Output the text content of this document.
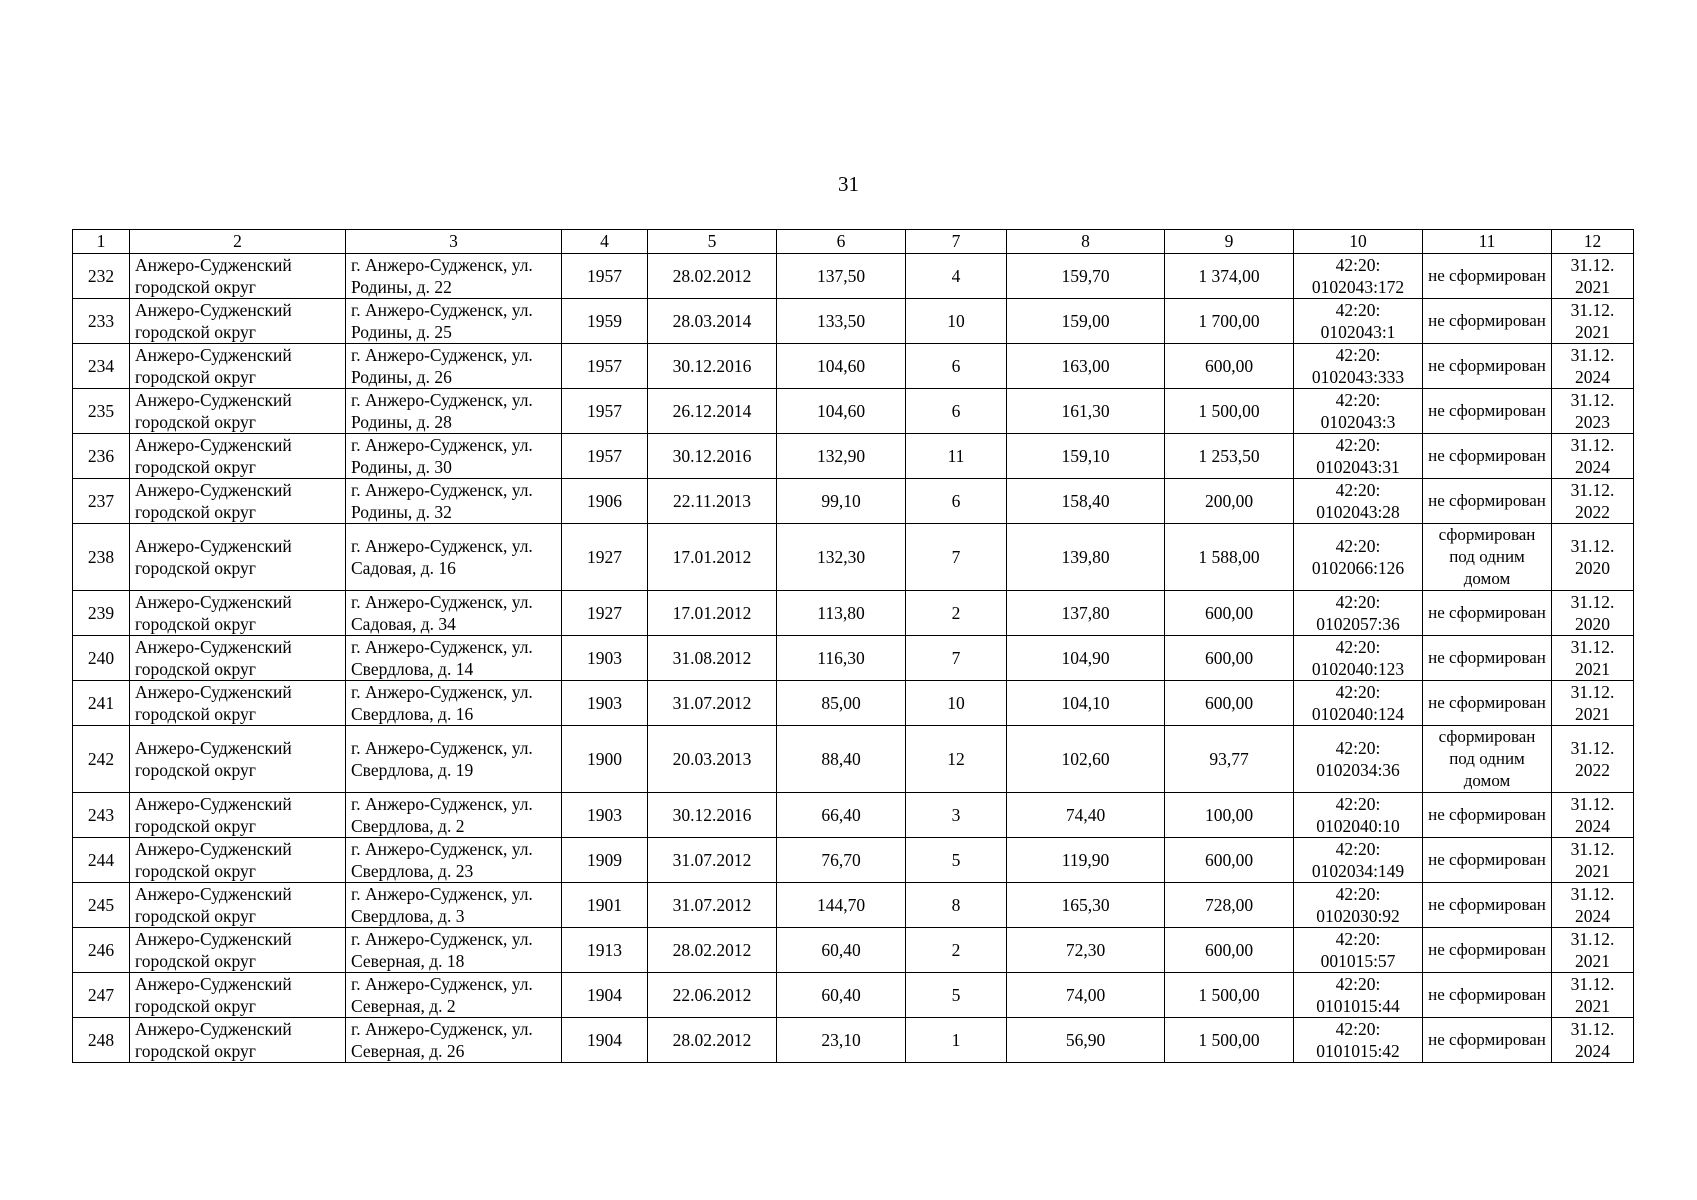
31
1	2	3	4	5	6	7	8	9	10	11	12
232	Анжеро-Судженский городской округ	г. Анжеро-Судженск, ул. Родины, д. 22	1957	28.02.2012	137,50	4	159,70	1 374,00	42:20: 0102043:172	не сформирован	31.12. 2021
233	Анжеро-Судженский городской округ	г. Анжеро-Судженск, ул. Родины, д. 25	1959	28.03.2014	133,50	10	159,00	1 700,00	42:20: 0102043:1	не сформирован	31.12. 2021
234	Анжеро-Судженский городской округ	г. Анжеро-Судженск, ул. Родины, д. 26	1957	30.12.2016	104,60	6	163,00	600,00	42:20: 0102043:333	не сформирован	31.12. 2024
235	Анжеро-Судженский городской округ	г. Анжеро-Судженск, ул. Родины, д. 28	1957	26.12.2014	104,60	6	161,30	1 500,00	42:20: 0102043:3	не сформирован	31.12. 2023
236	Анжеро-Судженский городской округ	г. Анжеро-Судженск, ул. Родины, д. 30	1957	30.12.2016	132,90	11	159,10	1 253,50	42:20: 0102043:31	не сформирован	31.12. 2024
237	Анжеро-Судженский городской округ	г. Анжеро-Судженск, ул. Родины, д. 32	1906	22.11.2013	99,10	6	158,40	200,00	42:20: 0102043:28	не сформирован	31.12. 2022
238	Анжеро-Судженский городской округ	г. Анжеро-Судженск, ул. Садовая, д. 16	1927	17.01.2012	132,30	7	139,80	1 588,00	42:20: 0102066:126	сформирован под одним домом	31.12. 2020
239	Анжеро-Судженский городской округ	г. Анжеро-Судженск, ул. Садовая, д. 34	1927	17.01.2012	113,80	2	137,80	600,00	42:20: 0102057:36	не сформирован	31.12. 2020
240	Анжеро-Судженский городской округ	г. Анжеро-Судженск, ул. Свердлова, д. 14	1903	31.08.2012	116,30	7	104,90	600,00	42:20: 0102040:123	не сформирован	31.12. 2021
241	Анжеро-Судженский городской округ	г. Анжеро-Судженск, ул. Свердлова, д. 16	1903	31.07.2012	85,00	10	104,10	600,00	42:20: 0102040:124	не сформирован	31.12. 2021
242	Анжеро-Судженский городской округ	г. Анжеро-Судженск, ул. Свердлова, д. 19	1900	20.03.2013	88,40	12	102,60	93,77	42:20: 0102034:36	сформирован под одним домом	31.12. 2022
243	Анжеро-Судженский городской округ	г. Анжеро-Судженск, ул. Свердлова, д. 2	1903	30.12.2016	66,40	3	74,40	100,00	42:20: 0102040:10	не сформирован	31.12. 2024
244	Анжеро-Судженский городской округ	г. Анжеро-Судженск, ул. Свердлова, д. 23	1909	31.07.2012	76,70	5	119,90	600,00	42:20: 0102034:149	не сформирован	31.12. 2021
245	Анжеро-Судженский городской округ	г. Анжеро-Судженск, ул. Свердлова, д. 3	1901	31.07.2012	144,70	8	165,30	728,00	42:20: 0102030:92	не сформирован	31.12. 2024
246	Анжеро-Судженский городской округ	г. Анжеро-Судженск, ул. Северная, д. 18	1913	28.02.2012	60,40	2	72,30	600,00	42:20: 001015:57	не сформирован	31.12. 2021
247	Анжеро-Судженский городской округ	г. Анжеро-Судженск, ул. Северная, д. 2	1904	22.06.2012	60,40	5	74,00	1 500,00	42:20: 0101015:44	не сформирован	31.12. 2021
248	Анжеро-Судженский городской округ	г. Анжеро-Судженск, ул. Северная, д. 26	1904	28.02.2012	23,10	1	56,90	1 500,00	42:20: 0101015:42	не сформирован	31.12. 2024
